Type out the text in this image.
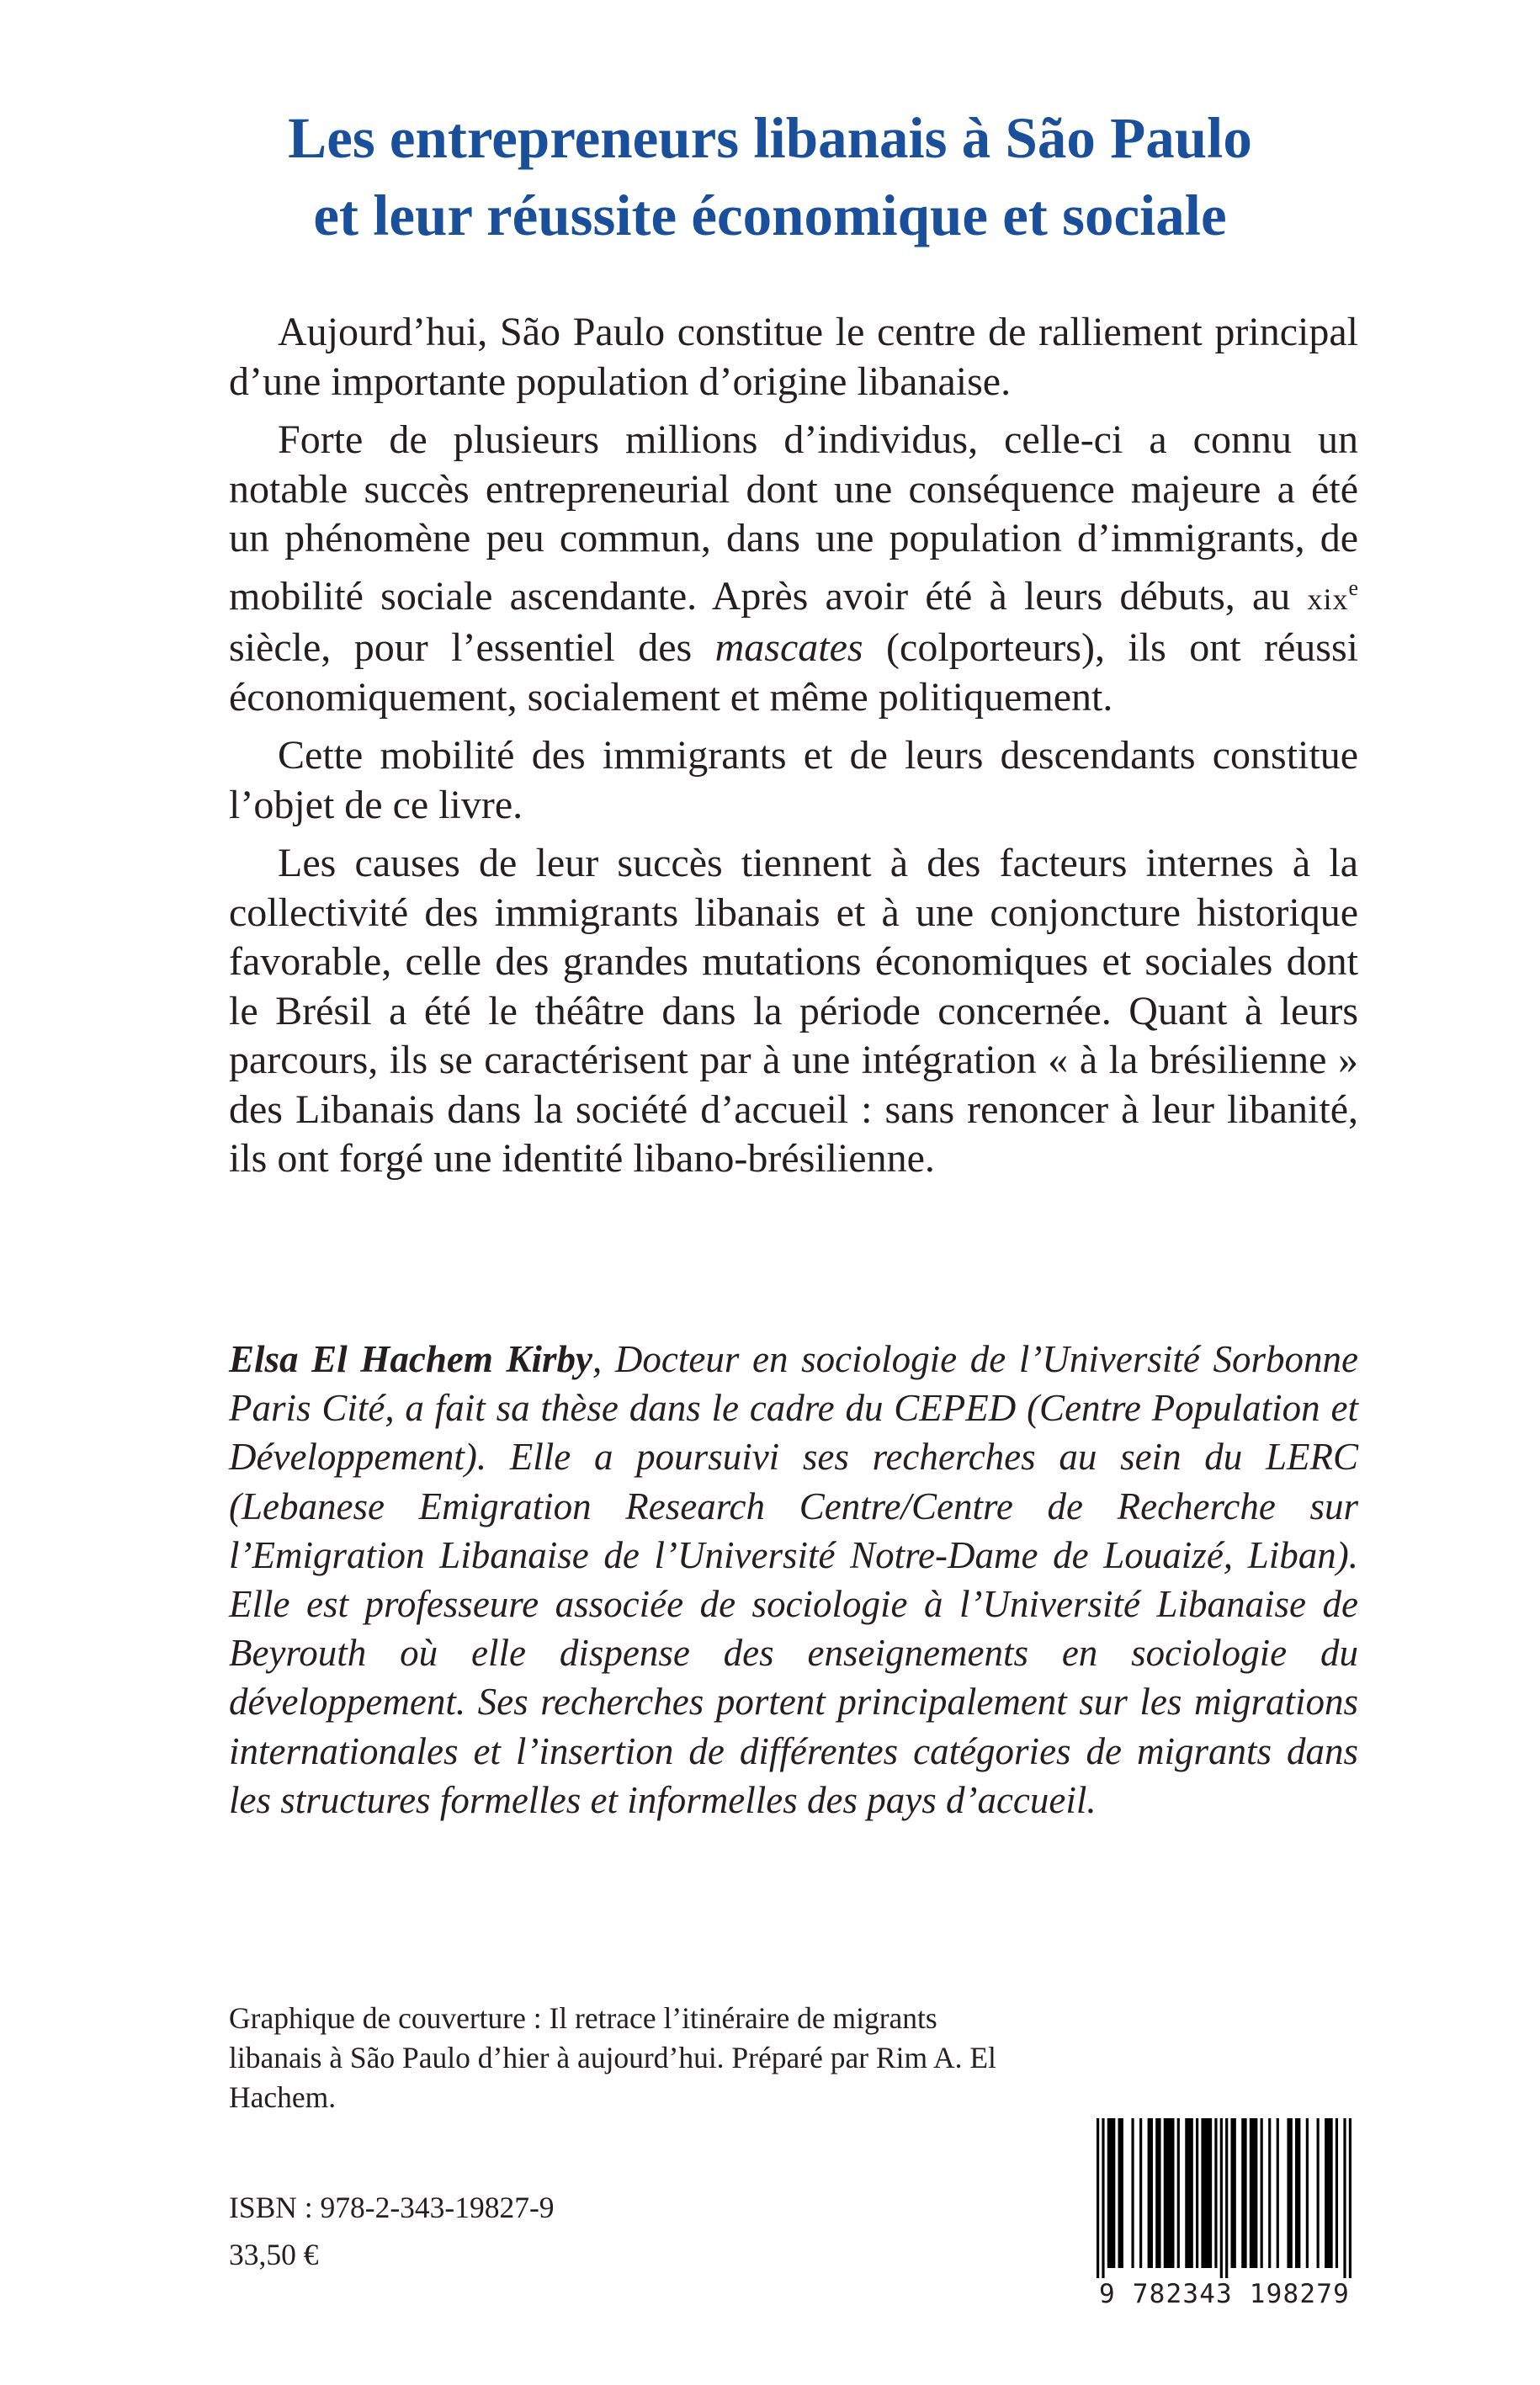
Les entrepreneurs libanais à São Paulo
et leur réussite économique et sociale

Aujourd’hui, São Paulo constitue le centre de ralliement principal d’une importante population d’origine libanaise.

Forte de plusieurs millions d’individus, celle-ci a connu un notable succès entrepreneurial dont une conséquence majeure a été un phénomène peu commun, dans une population d’immigrants, de mobilité sociale ascendante. Après avoir été à leurs débuts, au xix$^e$ siècle, pour l’essentiel des mascates (colporteurs), ils ont réussi économiquement, socialement et même politiquement.

Cette mobilité des immigrants et de leurs descendants constitue l’objet de ce livre.

Les causes de leur succès tiennent à des facteurs internes à la collectivité des immigrants libanais et à une conjoncture historique favorable, celle des grandes mutations économiques et sociales dont le Brésil a été le théâtre dans la période concernée. Quant à leurs parcours, ils se caractérisent par à une intégration « à la brésilienne » des Libanais dans la société d’accueil : sans renoncer à leur libanité, ils ont forgé une identité libano-brésilienne.

Elsa El Hachem Kirby, Docteur en sociologie de l’Université Sorbonne Paris Cité, a fait sa thèse dans le cadre du CEPED (Centre Population et Développement). Elle a poursuivi ses recherches au sein du LERC (Lebanese Emigration Research Centre/Centre de Recherche sur l’Emigration Libanaise de l’Université Notre-Dame de Louaizé, Liban). Elle est professeure associée de sociologie à l’Université Libanaise de Beyrouth où elle dispense des enseignements en sociologie du développement. Ses recherches portent principalement sur les migrations internationales et l’insertion de différentes catégories de migrants dans les structures formelles et informelles des pays d’accueil.

Graphique de couverture : Il retrace l’itinéraire de migrants libanais à São Paulo d’hier à aujourd’hui. Préparé par Rim A. El Hachem.

ISBN : 978-2-343-19827-9

33,50 €

9 782343 198279
